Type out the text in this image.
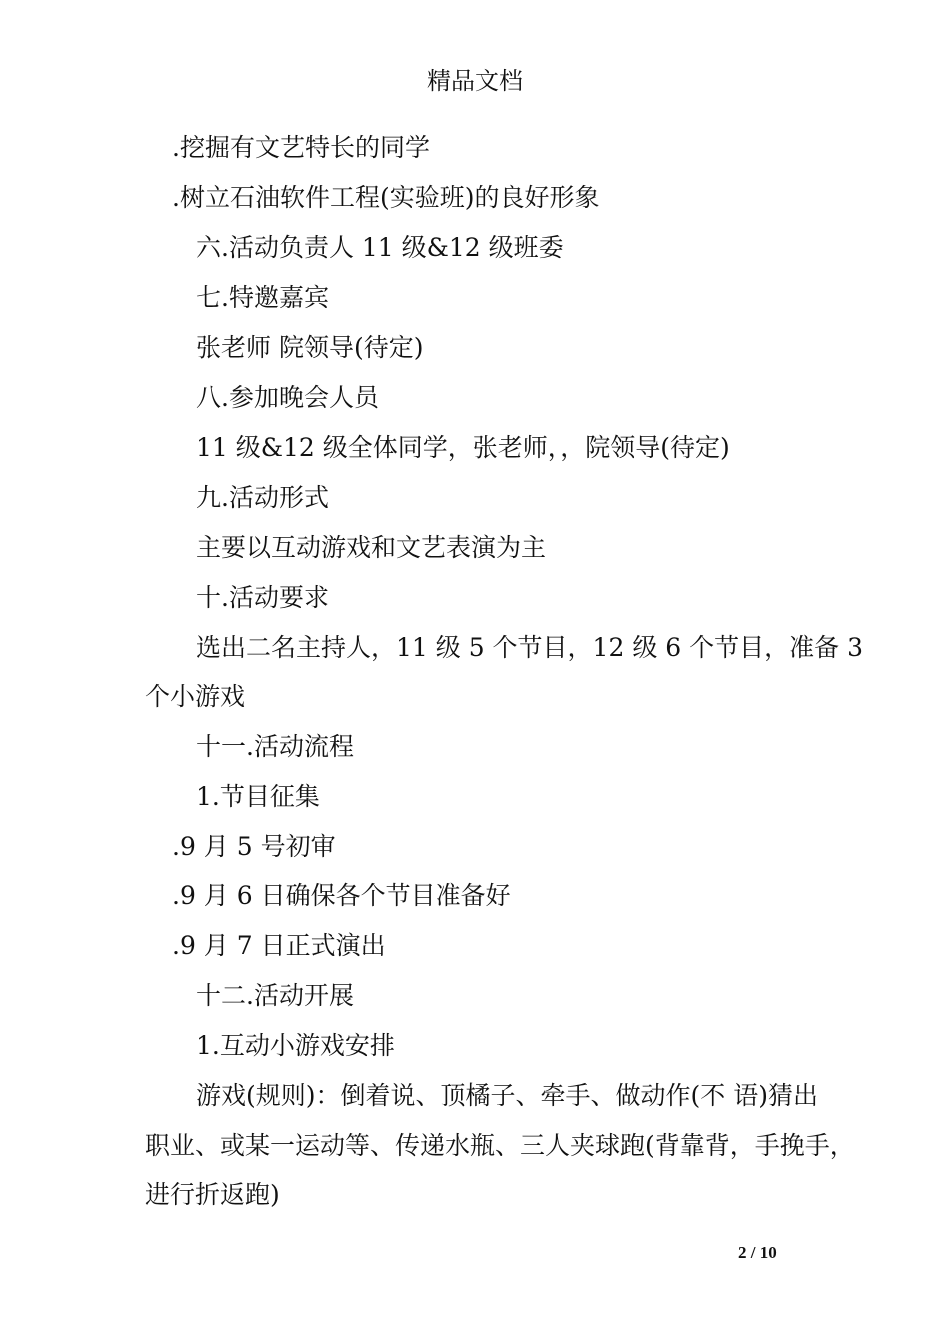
精品文档
.挖掘有文艺特长的同学
.树立石油软件工程(实验班)的良好形象
六.活动负责人 11 级&12 级班委
七.特邀嘉宾
张老师 院领导(待定)
八.参加晚会人员
11 级&12 级全体同学，张老师，，院领导(待定)
九.活动形式
主要以互动游戏和文艺表演为主
十.活动要求
选出二名主持人，11 级 5 个节目，12 级 6 个节目，准备 3
个小游戏
十一.活动流程
1.节目征集
.9 月 5 号初审
.9 月 6 日确保各个节目准备好
.9 月 7 日正式演出
十二.活动开展
1.互动小游戏安排
游戏(规则)：倒着说、顶橘子、牵手、做动作(不 语)猜出
职业、或某一运动等、传递水瓶、三人夹球跑(背靠背，手挽手，
进行折返跑)
2 / 10
